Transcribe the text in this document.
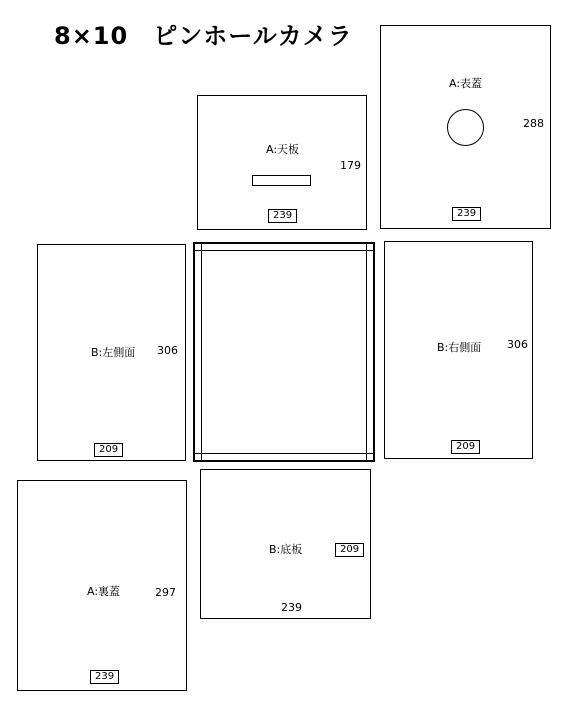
8×10　ピンホールカメラ
A:天板
179
239
A:表蓋
288
239
B:左側面 306
209
B:右側面 306
209
B:底板	209
239
A:裏蓋	297
239
